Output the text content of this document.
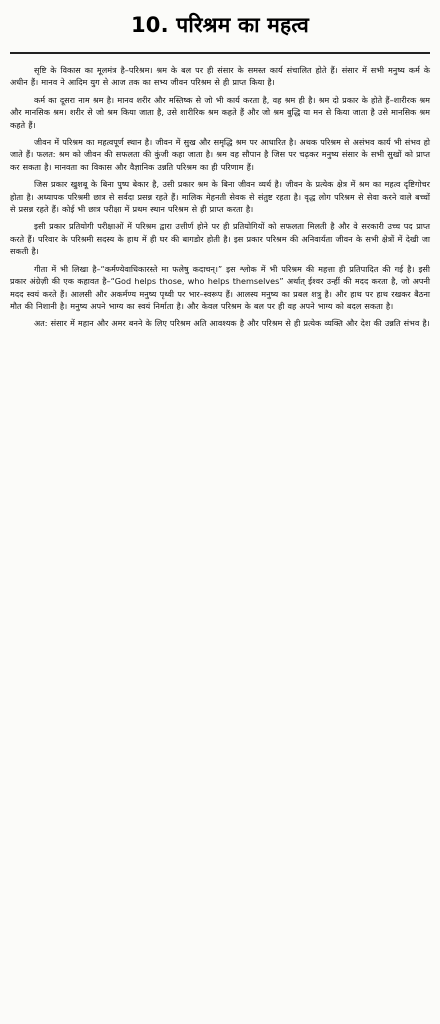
10. परिश्रम का महत्व

सृष्टि के विकास का मूलमंत्र है–परिश्रम। श्रम के बल पर ही संसार के समस्त कार्य संचालित होते हैं। संसार में सभी मनुष्य कर्म के अधीन हैं। मानव ने आदिम युग से आज तक का सभ्य जीवन परिश्रम से ही प्राप्त किया है।

कर्म का दूसरा नाम श्रम है। मानव शरीर और मस्तिष्क से जो भी कार्य करता है, वह श्रम ही है। श्रम दो प्रकार के होते हैं–शारीरक श्रम और मानसिक श्रम। शरीर से जो श्रम किया जाता है, उसे शारीरिक श्रम कहते हैं और जो श्रम बुद्धि या मन से किया जाता है उसे मानसिक श्रम कहते हैं।

जीवन में परिश्रम का महत्वपूर्ण स्थान है। जीवन में सुख और समृद्धि श्रम पर आधारित है। अथक परिश्रम से असंभव कार्य भी संभव हो जाते हैं। फलत: श्रम को जीवन की सफलता की कुंजी कहा जाता है। श्रम वह सौपान है जिस पर चढ़कर मनुष्य संसार के सभी सुखों को प्राप्त कर सकता है। मानवता का विकास और वैज्ञानिक उन्नति परिश्रम का ही परिणाम हैं।

जिस प्रकार खुशबू के बिना पुष्प बेकार है, उसी प्रकार श्रम के बिना जीवन व्यर्थ है। जीवन के प्रत्येक क्षेत्र में श्रम का महत्व दृष्टिगोचर होता है। अध्यापक परिश्रमी छात्र से सर्वदा प्रसन्न रहते हैं। मालिक मेहनती सेवक से संतुष्ट रहता है। वृद्ध लोग परिश्रम से सेवा करने वाले बच्चों से प्रसन्न रहते हैं। कोई भी छात्र परीक्षा में प्रथम स्थान परिश्रम से ही प्राप्त करता है।

इसी प्रकार प्रतियोगी परीक्षाओं में परिश्रम द्वारा उत्तीर्ण होने पर ही प्रतियोगियों को सफलता मिलती है और वे सरकारी उच्च पद प्राप्त करते हैं। परिवार के परिश्रमी सदस्य के हाथ में ही घर की बागडोर होती है। इस प्रकार परिश्रम की अनिवार्यता जीवन के सभी क्षेत्रों में देखी जा सकती है।

गीता में भी लिखा है–“कर्मण्येवाधिकारस्ते मा फलेषु कदाचन्।” इस श्लोक में भी परिश्रम की महत्ता ही प्रतिपादित की गई है। इसी प्रकार अंग्रेज़ी की एक कहावत है–“God helps those, who helps themselves” अर्थात् ईश्वर उन्हीं की मदद करता है, जो अपनी मदद स्वयं करते हैं। आलसी और अकर्मण्य मनुष्य पृथ्वी पर भार–स्वरूप हैं। आलस्य मनुष्य का प्रबल शत्रु है। और हाथ पर हाथ रखकर बैठना मौत की निशानी है। मनुष्य अपने भाग्य का स्वयं निर्माता है। और केवल परिश्रम के बल पर ही वह अपने भाग्य को बदल सकता है।

अत: संसार में महान और अमर बनने के लिए परिश्रम अति आवश्यक है और परिश्रम से ही प्रत्येक व्यक्ति और देश की उन्नति संभव है।
